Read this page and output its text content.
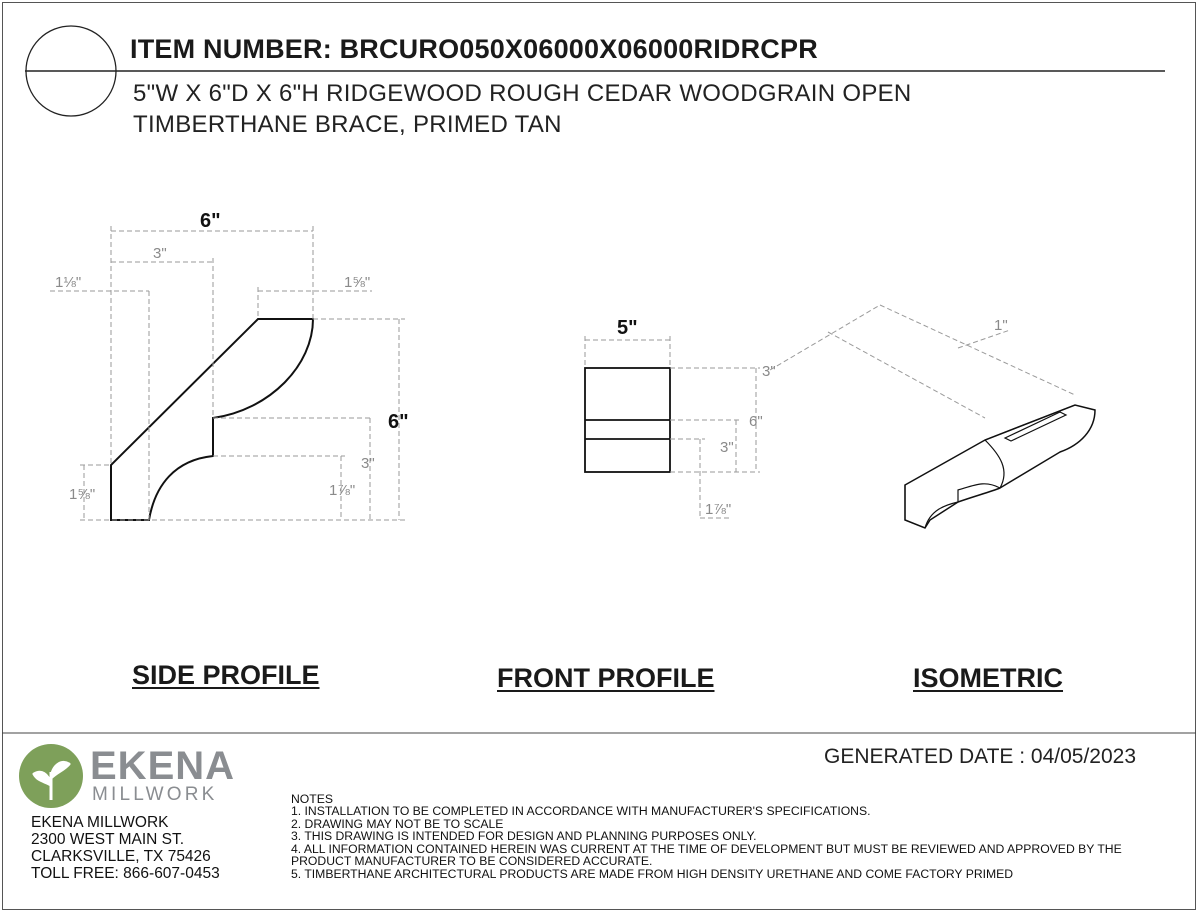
ITEM NUMBER: BRCURO050X06000X06000RIDRCPR
5"W X 6"D X 6"H RIDGEWOOD ROUGH CEDAR WOODGRAIN OPEN
TIMBERTHANE BRACE, PRIMED TAN
6"
3"
1⅛"	1⅝"
6"
3"
1⅞"
1⅝"
5"
3"
6"
3"
1⅞"
1"
SIDE PROFILE	FRONT PROFILE	ISOMETRIC
EKENA
MILLWORK
GENERATED DATE : 04/05/2023
EKENA MILLWORK
2300 WEST MAIN ST.
CLARKSVILLE, TX 75426
TOLL FREE: 866-607-0453
NOTES
1. INSTALLATION TO BE COMPLETED IN ACCORDANCE WITH MANUFACTURER'S SPECIFICATIONS.
2. DRAWING MAY NOT BE TO SCALE
3. THIS DRAWING IS INTENDED FOR DESIGN AND PLANNING PURPOSES ONLY.
4. ALL INFORMATION CONTAINED HEREIN WAS CURRENT AT THE TIME OF DEVELOPMENT BUT MUST BE REVIEWED AND APPROVED BY THE
PRODUCT MANUFACTURER TO BE CONSIDERED ACCURATE.
5. TIMBERTHANE ARCHITECTURAL PRODUCTS ARE MADE FROM HIGH DENSITY URETHANE AND COME FACTORY PRIMED
